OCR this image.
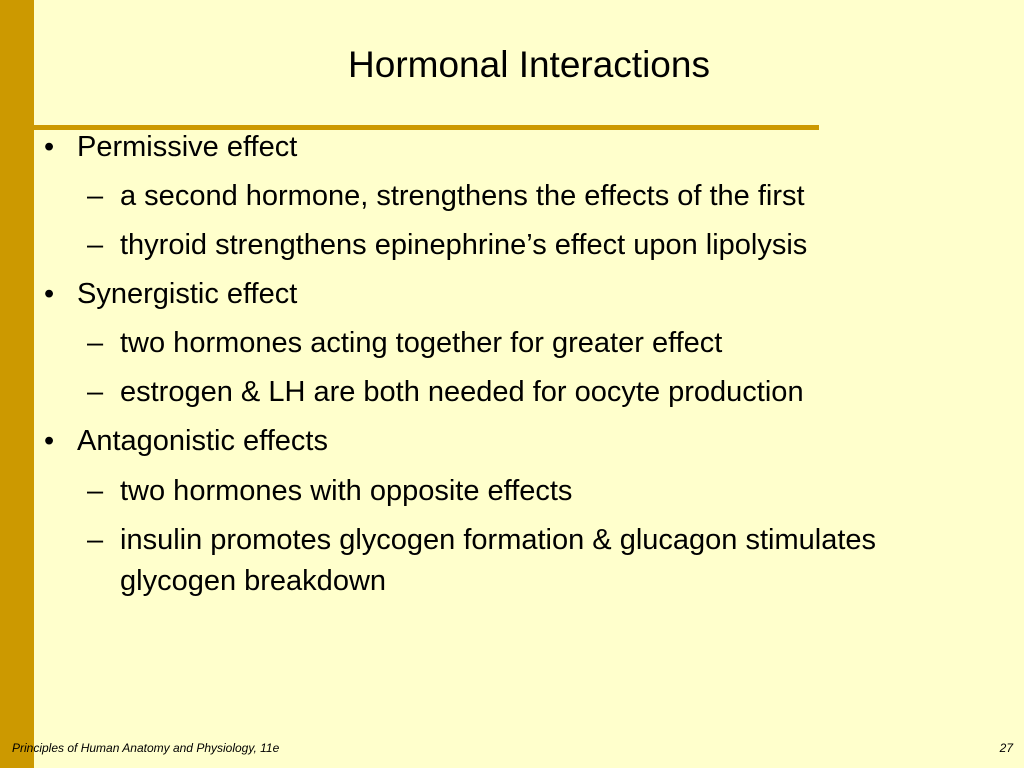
Hormonal Interactions
• Permissive effect
– a second hormone, strengthens the effects of the first
– thyroid strengthens epinephrine’s effect upon lipolysis
• Synergistic effect
– two hormones acting together for greater effect
– estrogen & LH are both needed for oocyte production
• Antagonistic effects
– two hormones with opposite effects
– insulin promotes glycogen formation & glucagon stimulates
glycogen breakdown
Principles of Human Anatomy and Physiology, 11e	27
